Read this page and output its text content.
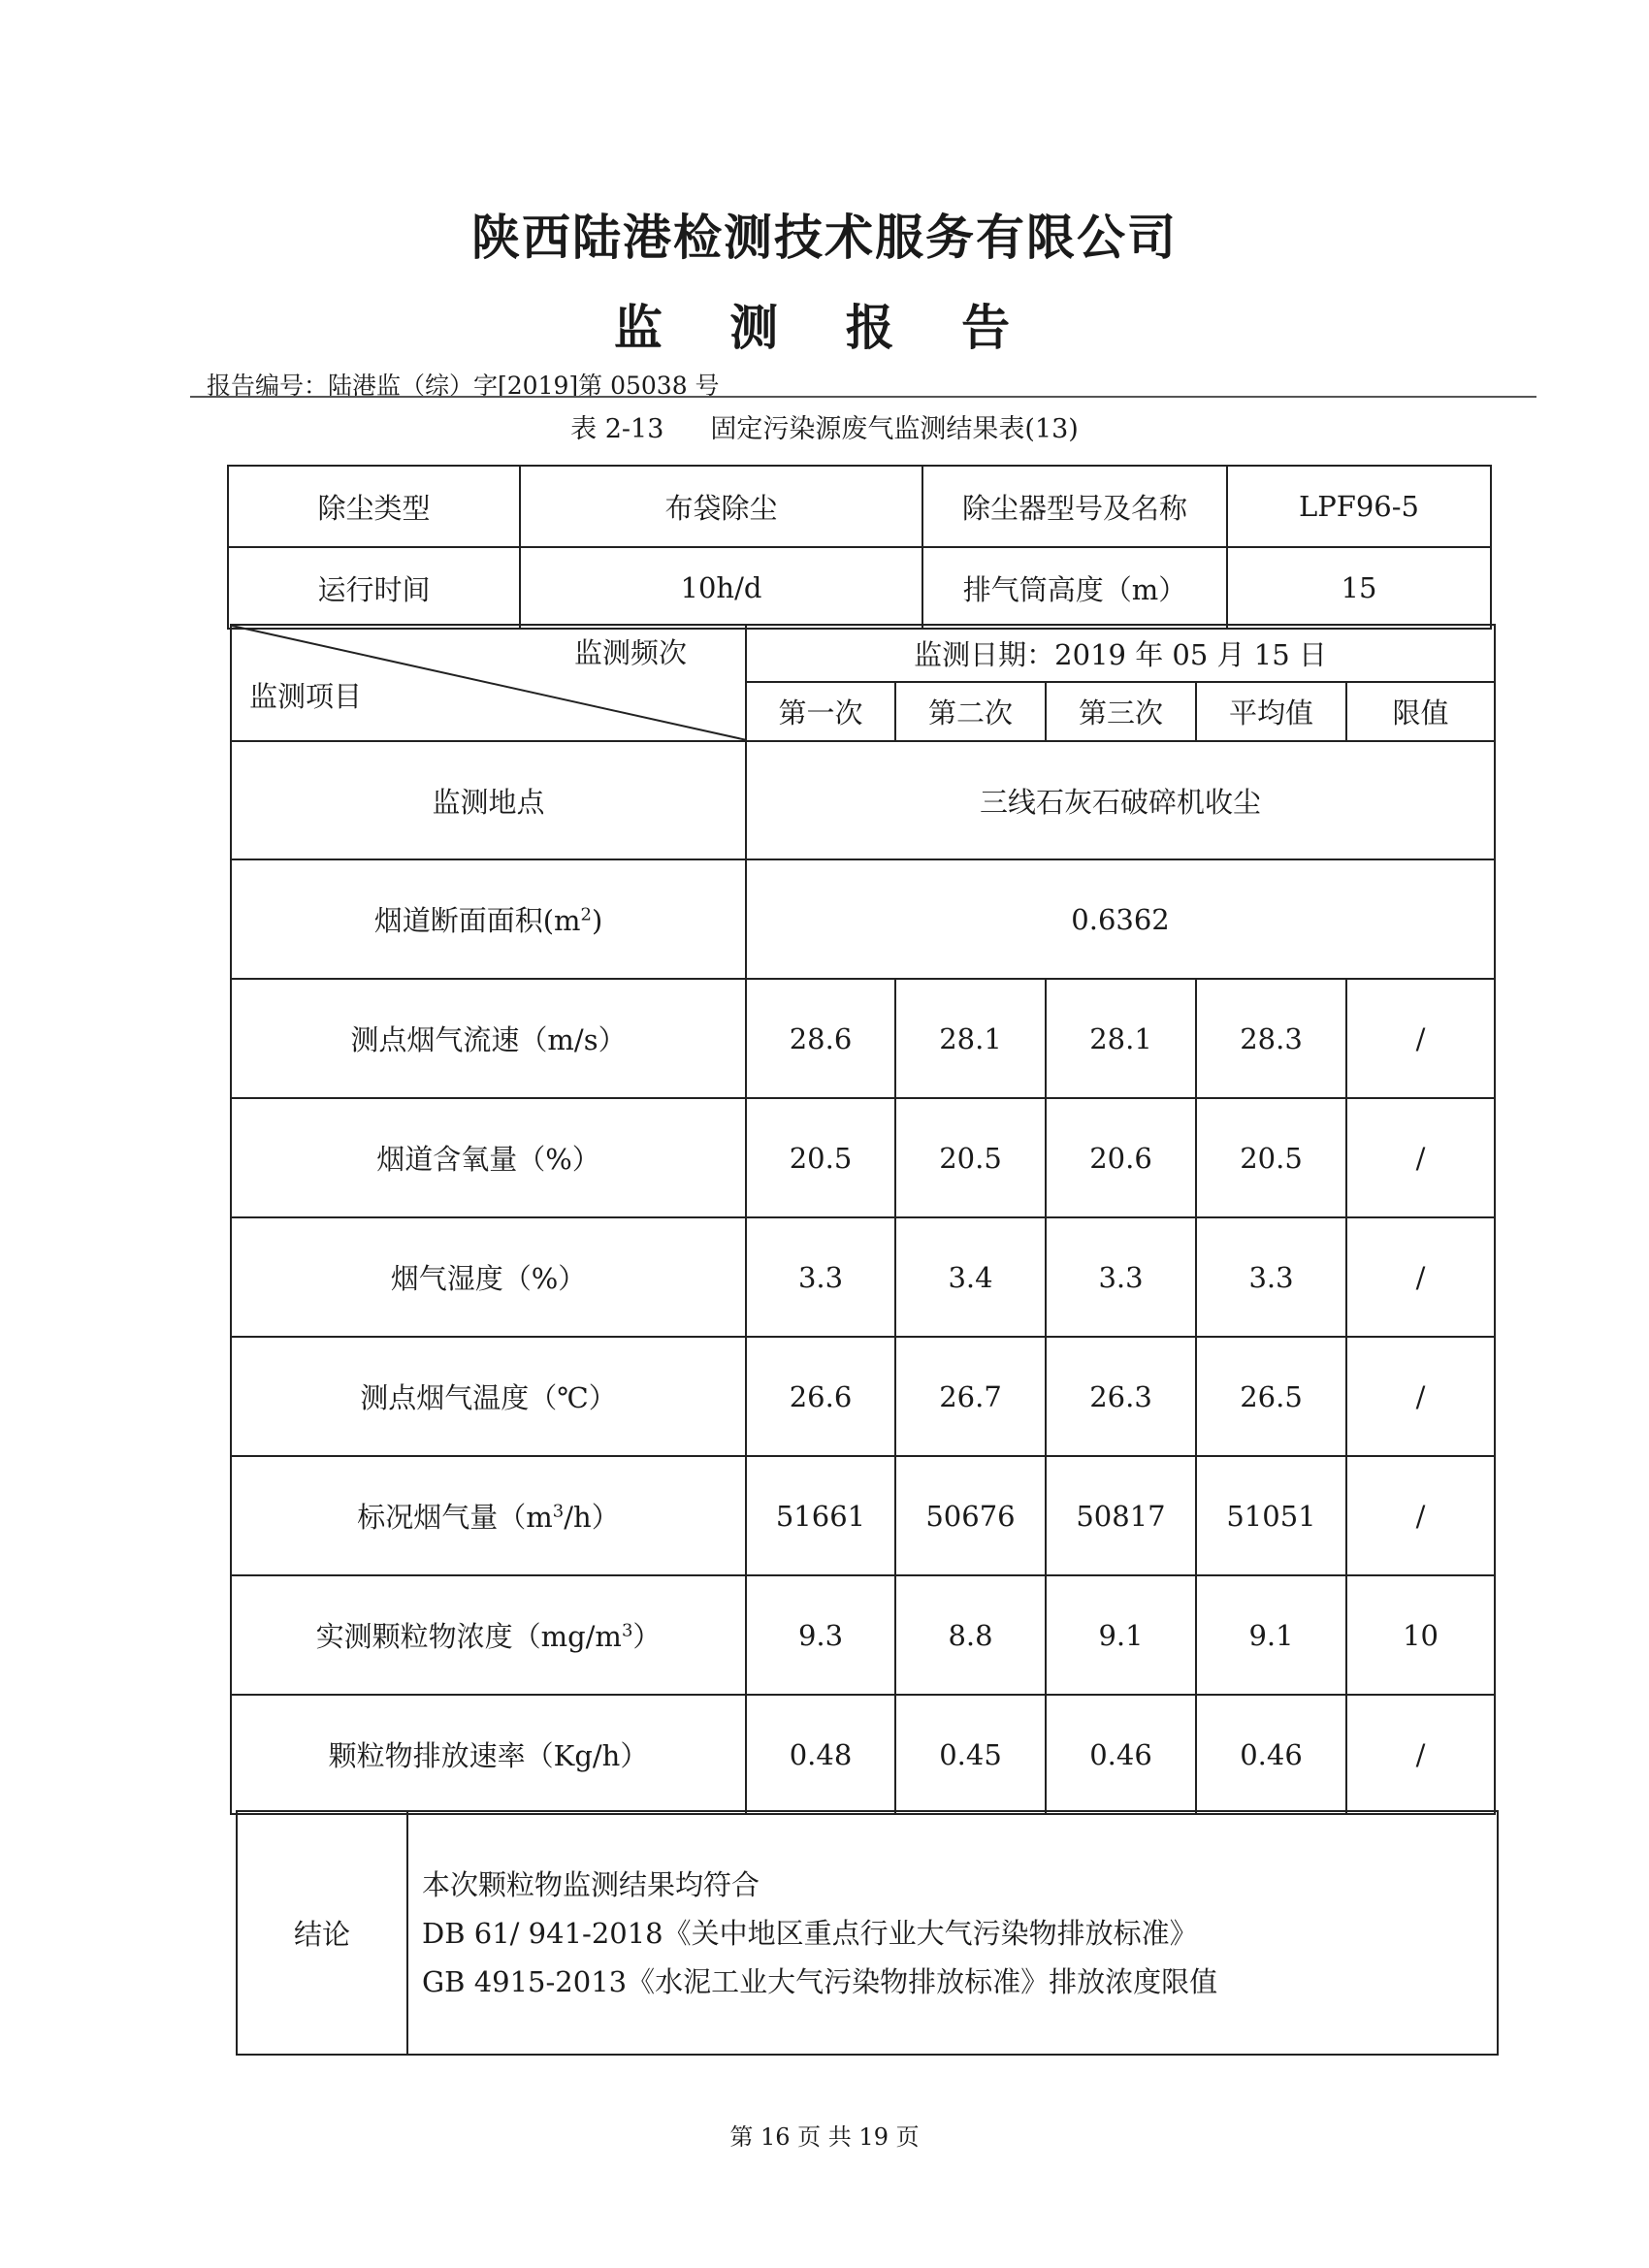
陕西陆港检测技术服务有限公司
监 测 报 告
报告编号：陆港监（综）字[2019]第 05038 号
表 2-13 固定污染源废气监测结果表(13)
除尘类型	布袋除尘	除尘器型号及名称	LPF96-5
运行时间	10h/d	排气筒高度（m）	15
监测频次
监测项目	监测日期：2019 年 05 月 15 日				
	第一次	第二次	第三次	平均值	限值
监测地点	三线石灰石破碎机收尘				
烟道断面面积$(m^2)$	0.6362				
测点烟气流速（m/s）	28.6	28.1	28.1	28.3	/
烟道含氧量（%）	20.5	20.5	20.6	20.5	/
烟气湿度（%）	3.3	3.4	3.3	3.3	/
测点烟气温度（℃）	26.6	26.7	26.3	26.5	/
标况烟气量$(m^3/h)$	51661	50676	50817	51051	/
实测颗粒物浓度$(mg/m^3)$	9.3	8.8	9.1	9.1	10
颗粒物排放速率（Kg/h）	0.48	0.45	0.46	0.46	/
结论	
本次颗粒物监测结果均符合
DB 61/ 941-2018《关中地区重点行业大气污染物排放标准》
GB 4915-2013《水泥工业大气污染物排放标准》排放浓度限值
第 16 页 共 19 页
